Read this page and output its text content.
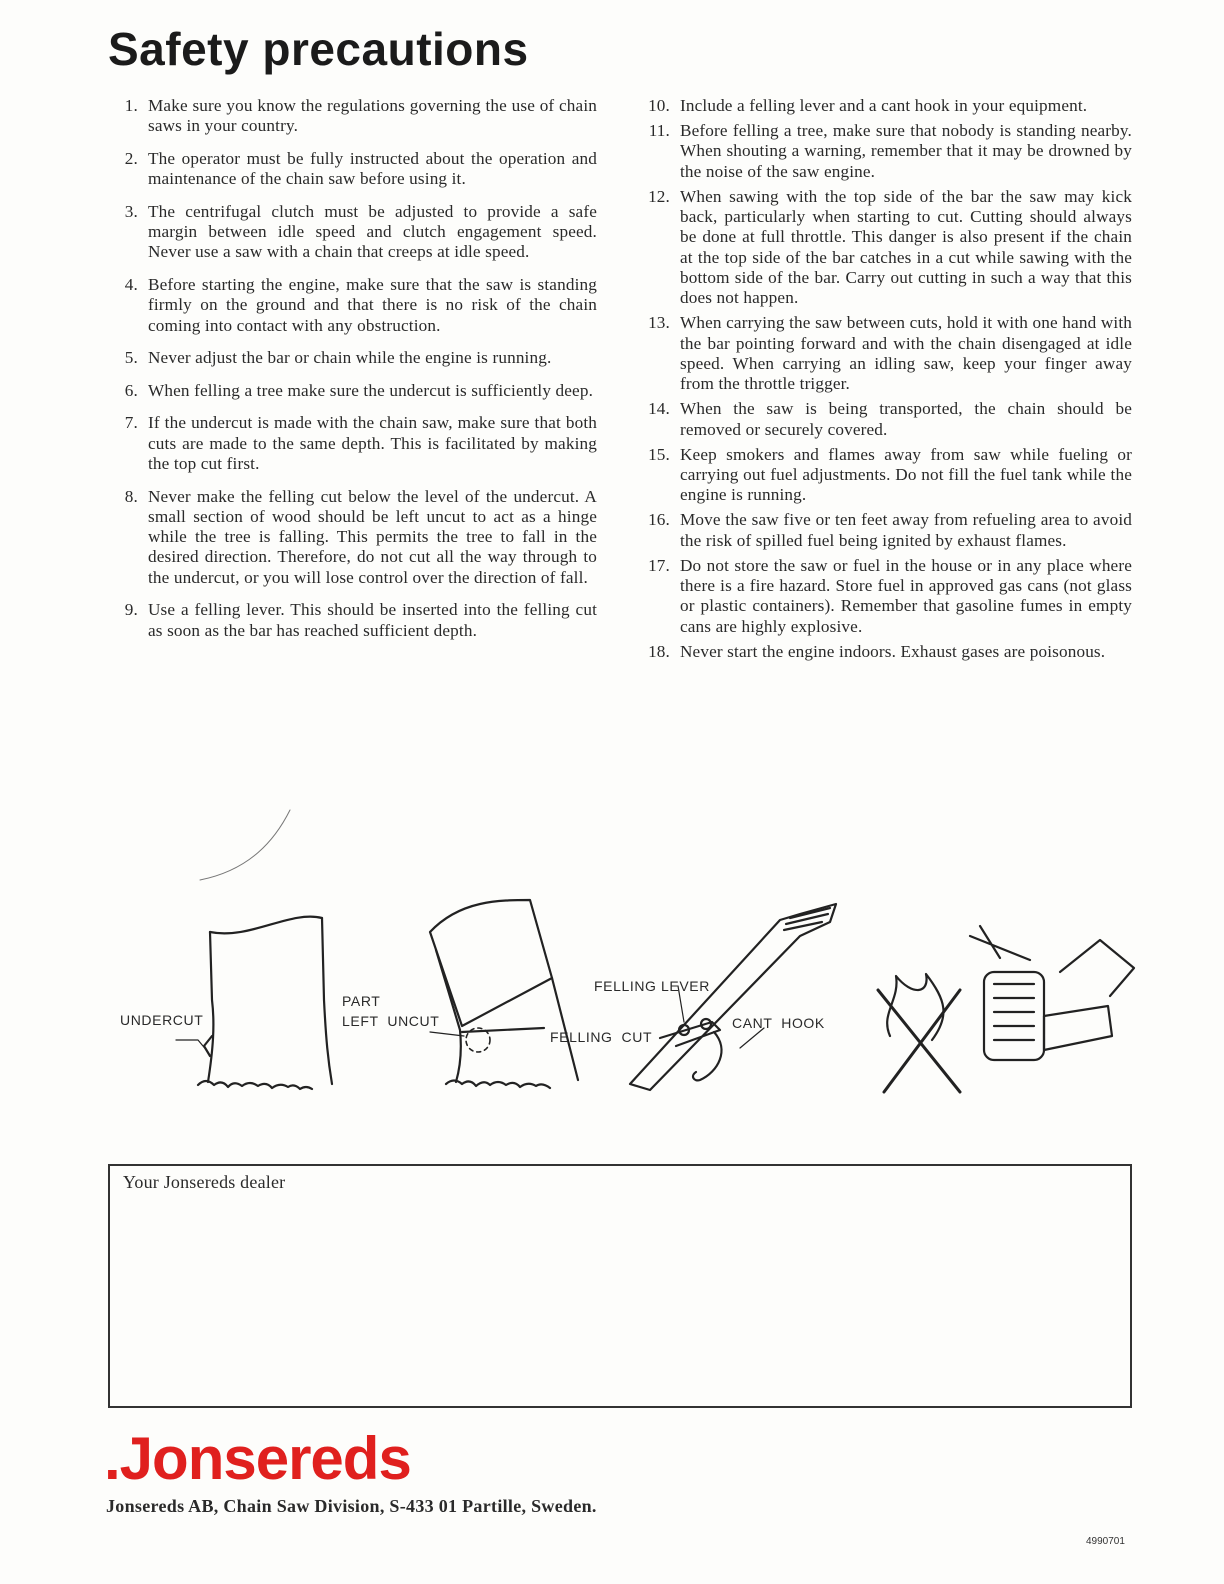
Safety precautions
1. Make sure you know the regulations governing the use of chain saws in your country.
2. The operator must be fully instructed about the operation and maintenance of the chain saw before using it.
3. The centrifugal clutch must be adjusted to provide a safe margin between idle speed and clutch engagement speed. Never use a saw with a chain that creeps at idle speed.
4. Before starting the engine, make sure that the saw is standing firmly on the ground and that there is no risk of the chain coming into contact with any obstruction.
5. Never adjust the bar or chain while the engine is running.
6. When felling a tree make sure the undercut is sufficiently deep.
7. If the undercut is made with the chain saw, make sure that both cuts are made to the same depth. This is facilitated by making the top cut first.
8. Never make the felling cut below the level of the undercut. A small section of wood should be left uncut to act as a hinge while the tree is falling. This permits the tree to fall in the desired direction. Therefore, do not cut all the way through to the undercut, or you will lose control over the direction of fall.
9. Use a felling lever. This should be inserted into the felling cut as soon as the bar has reached sufficient depth.
10. Include a felling lever and a cant hook in your equipment.
11. Before felling a tree, make sure that nobody is standing nearby. When shouting a warning, remember that it may be drowned by the noise of the saw engine.
12. When sawing with the top side of the bar the saw may kick back, particularly when starting to cut. Cutting should always be done at full throttle. This danger is also present if the chain at the top side of the bar catches in a cut while sawing with the bottom side of the bar. Carry out cutting in such a way that this does not happen.
13. When carrying the saw between cuts, hold it with one hand with the bar pointing forward and with the chain disengaged at idle speed. When carrying an idling saw, keep your finger away from the throttle trigger.
14. When the saw is being transported, the chain should be removed or securely covered.
15. Keep smokers and flames away from saw while fueling or carrying out fuel adjustments. Do not fill the fuel tank while the engine is running.
16. Move the saw five or ten feet away from refueling area to avoid the risk of spilled fuel being ignited by exhaust flames.
17. Do not store the saw or fuel in the house or in any place where there is a fire hazard. Store fuel in approved gas cans (not glass or plastic containers). Remember that gasoline fumes in empty cans are highly explosive.
18. Never start the engine indoors. Exhaust gases are poisonous.
UNDERCUT
PART
LEFT  UNCUT
FELLING LEVER
FELLING  CUT
CANT  HOOK
Your Jonsereds dealer
.Jonsereds
Jonsereds AB, Chain Saw Division, S-433 01 Partille, Sweden.
4990701
